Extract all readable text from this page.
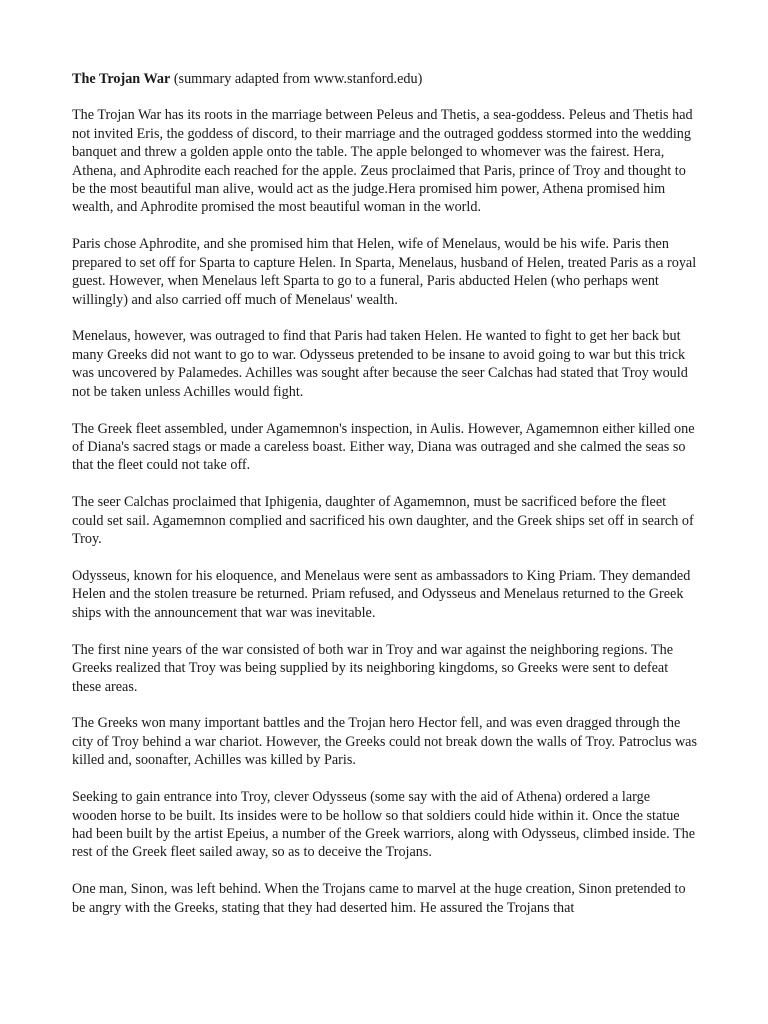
The Trojan War (summary adapted from www.stanford.edu)

The Trojan War has its roots in the marriage between Peleus and Thetis, a sea-goddess. Peleus and Thetis had not invited Eris, the goddess of discord, to their marriage and the outraged goddess stormed into the wedding banquet and threw a golden apple onto the table. The apple belonged to whomever was the fairest. Hera, Athena, and Aphrodite each reached for the apple. Zeus proclaimed that Paris, prince of Troy and thought to be the most beautiful man alive, would act as the judge.Hera promised him power, Athena promised him wealth, and Aphrodite promised the most beautiful woman in the world.

Paris chose Aphrodite, and she promised him that Helen, wife of Menelaus, would be his wife. Paris then prepared to set off for Sparta to capture Helen. In Sparta, Menelaus, husband of Helen, treated Paris as a royal guest. However, when Menelaus left Sparta to go to a funeral, Paris abducted Helen (who perhaps went willingly) and also carried off much of Menelaus' wealth.

Menelaus, however, was outraged to find that Paris had taken Helen. He wanted to fight to get her back but many Greeks did not want to go to war. Odysseus pretended to be insane to avoid going to war but this trick was uncovered by Palamedes. Achilles was sought after because the seer Calchas had stated that Troy would not be taken unless Achilles would fight.

The Greek fleet assembled, under Agamemnon's inspection, in Aulis. However, Agamemnon either killed one of Diana's sacred stags or made a careless boast. Either way, Diana was outraged and she calmed the seas so that the fleet could not take off.

The seer Calchas proclaimed that Iphigenia, daughter of Agamemnon, must be sacrificed before the fleet could set sail. Agamemnon complied and sacrificed his own daughter, and the Greek ships set off in search of Troy.

Odysseus, known for his eloquence, and Menelaus were sent as ambassadors to King Priam. They demanded Helen and the stolen treasure be returned. Priam refused, and Odysseus and Menelaus returned to the Greek ships with the announcement that war was inevitable.

The first nine years of the war consisted of both war in Troy and war against the neighboring regions. The Greeks realized that Troy was being supplied by its neighboring kingdoms, so Greeks were sent to defeat these areas.

The Greeks won many important battles and the Trojan hero Hector fell, and was even dragged through the city of Troy behind a war chariot. However, the Greeks could not break down the walls of Troy. Patroclus was killed and, soonafter, Achilles was killed by Paris.

Seeking to gain entrance into Troy, clever Odysseus (some say with the aid of Athena) ordered a large wooden horse to be built. Its insides were to be hollow so that soldiers could hide within it. Once the statue had been built by the artist Epeius, a number of the Greek warriors, along with Odysseus, climbed inside. The rest of the Greek fleet sailed away, so as to deceive the Trojans.

One man, Sinon, was left behind. When the Trojans came to marvel at the huge creation, Sinon pretended to be angry with the Greeks, stating that they had deserted him. He assured the Trojans that
